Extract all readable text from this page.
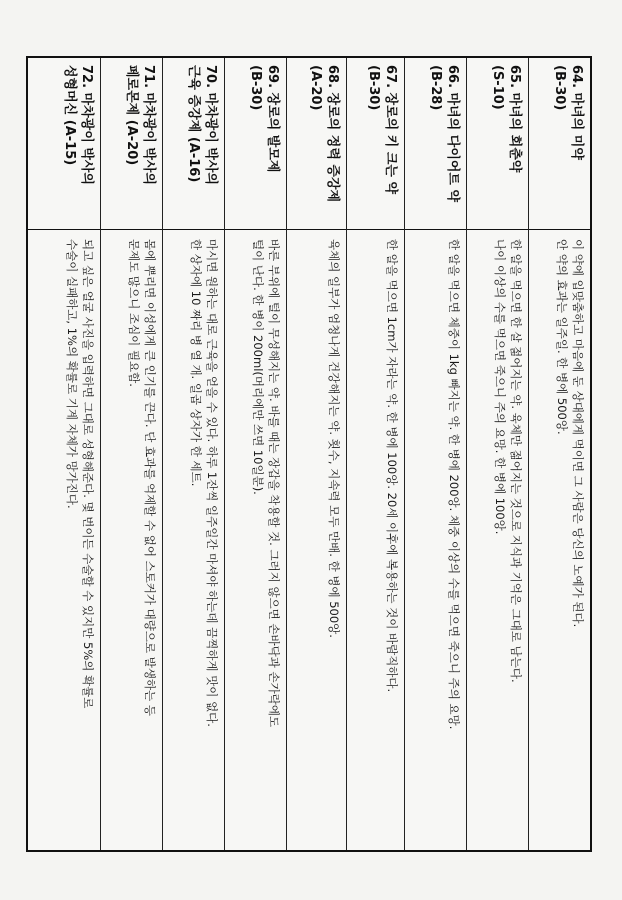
64. 마녀의 미약
(B-30)
이 약에 입맞춤하고 마음에 둔 상대에게 먹이면 그 사람은 당신의 노예가 된다.
안 약의 효과는 일주일. 한 병에 500앙.
65. 마녀의 회춘약
(S-10)
한 알을 먹으면 한 살 젊어지는 약. 육체만 젊어지는 것으로 지식과 기억은 그대로 남는다.
나이 이상의 수를 먹으면 죽으니 주의 요망. 한 병에 100앙.
66. 마녀의 다이어트 약
(B-28)
한 알을 먹으면 체중이 1kg 빠지는 약. 한 병에 200앙. 체중 이상의 수를 먹으면 죽으니 주의 요망.
67. 장로의 키 크는 약
(B-30)
한 알을 먹으면 1cm가 자라는 약. 한 병에 100앙. 20세 이후에 복용하는 것이 바람직하다.
68. 장로의 정력 증강제
(A-20)
육체의 일부가 엄청나게 건강해지는 약. 횟수, 지속력 모두 만배. 한 병에 500앙.
69. 장로의 발모제
(B-30)
바른 부위에 털이 무성해지는 약. 바를 때는 장갑을 착용할 것. 그러지 않으면 손바닥과 손가락에도
털이 난다. 한 병이 200ml(머리에만 쓰면 10일분).
70. 마차광이 박사의
근육 증강제 (A-16)
마시면 원하는 대로 근육을 얻을 수 있다. 하루 1잔씩 일주일간 마셔야 하는데 끔찍하게 맛이 없다.
한 상자에 10 짜리 병 열 개. 일곱 상자가 한 세트.
71. 마차광이 박사의
페로몬제 (A-20)
몸에 뿌리면 이성에게 큰 인기를 끈다. 단 효과를 억제할 수 없어 스토커가 대량으로 발생하는 등
문제도 많으니 조심이 필요함.
72. 마차광이 박사의
성형머신 (A-15)
되고 싶은 얼굴 사진을 입력하면 그대로 성형해준다. 몇 번이든 수술할 수 있지만 5%의 확률로
수술이 실패하고, 1%의 확률로 기계 자체가 망가진다.
